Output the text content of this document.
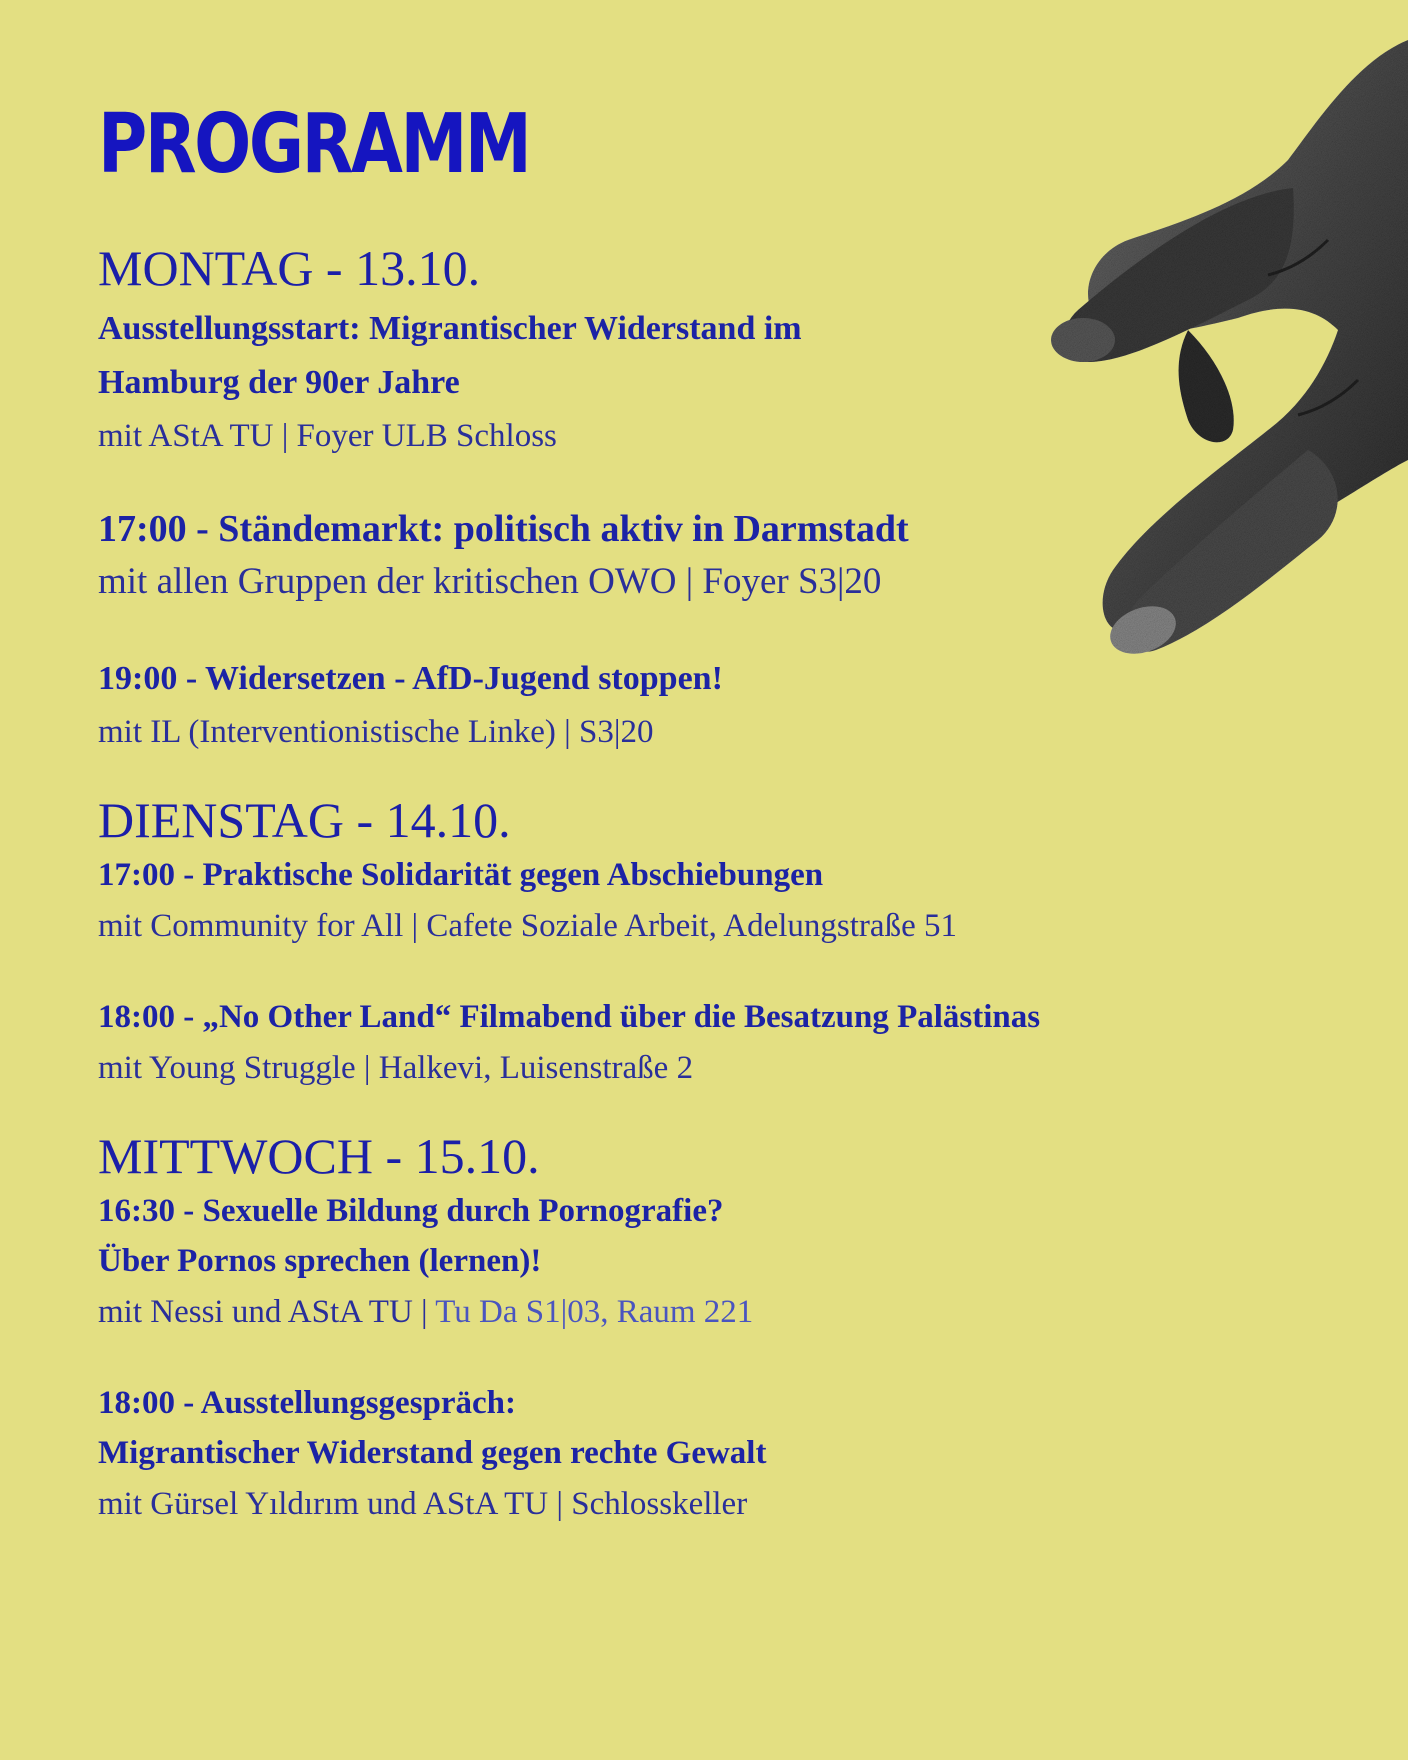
PROGRAMM
MONTAG - 13.10.

Ausstellungsstart: Migrantischer Widerstand im

Hamburg der 90er Jahre

mit AStA TU | Foyer ULB Schloss

17:00 - Ständemarkt: politisch aktiv in Darmstadt

mit allen Gruppen der kritischen OWO | Foyer S3|20

19:00 - Widersetzen - AfD-Jugend stoppen!

mit IL (Interventionistische Linke) | S3|20

DIENSTAG - 14.10.

17:00 - Praktische Solidarität gegen Abschiebungen

mit Community for All | Cafete Soziale Arbeit, Adelungstraße 51

18:00 - „No Other Land“ Filmabend über die Besatzung Palästinas

mit Young Struggle | Halkevi, Luisenstraße 2

MITTWOCH - 15.10.

16:30 - Sexuelle Bildung durch Pornografie?

Über Pornos sprechen (lernen)!

mit Nessi und AStA TU | Tu Da S1|03, Raum 221

18:00 - Ausstellungsgespräch:

Migrantischer Widerstand gegen rechte Gewalt

mit Gürsel Yıldırım und AStA TU | Schlosskeller
